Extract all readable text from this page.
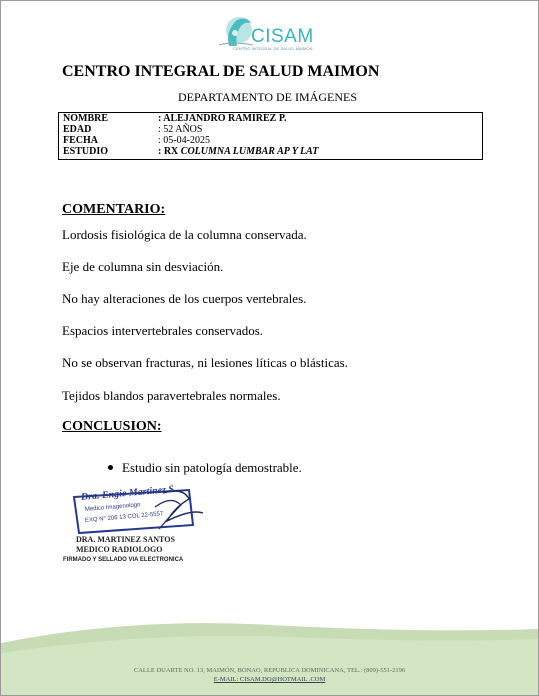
CISAM
CENTRO INTEGRAL DE SALUD MAIMON
CENTRO INTEGRAL DE SALUD MAIMON
DEPARTAMENTO DE IMÁGENES
NOMBRE	: ALEJANDRO RAMIREZ P.
EDAD	: 52 AÑOS
FECHA	: 05-04-2025
ESTUDIO	: RX COLUMNA LUMBAR AP Y LAT
COMENTARIO:
Lordosis fisiológica de la columna conservada.
Eje de columna sin desviación.
No hay alteraciones de los cuerpos vertebrales.
Espacios intervertebrales conservados.
No se observan fracturas, ni lesiones líticas o blásticas.
Tejidos blandos paravertebrales normales.
CONCLUSION:
Estudio sin patología demostrable.
Dra. Engie Martinez S.
Medico Imagenologo
EXQ N° 206 13 COL 22-5557
DRA. MARTINEZ SANTOS
MEDICO RADIOLOGO
FIRMADO Y SELLADO VIA ELECTRONICA
CALLE DUARTE NO. 13, MAIMÓN, BONAO, REPUBLICA DOMINICANA, TEL.: (809)-551-2196
E-MAIL: CISAM.DO@HOTMAIL .COM
